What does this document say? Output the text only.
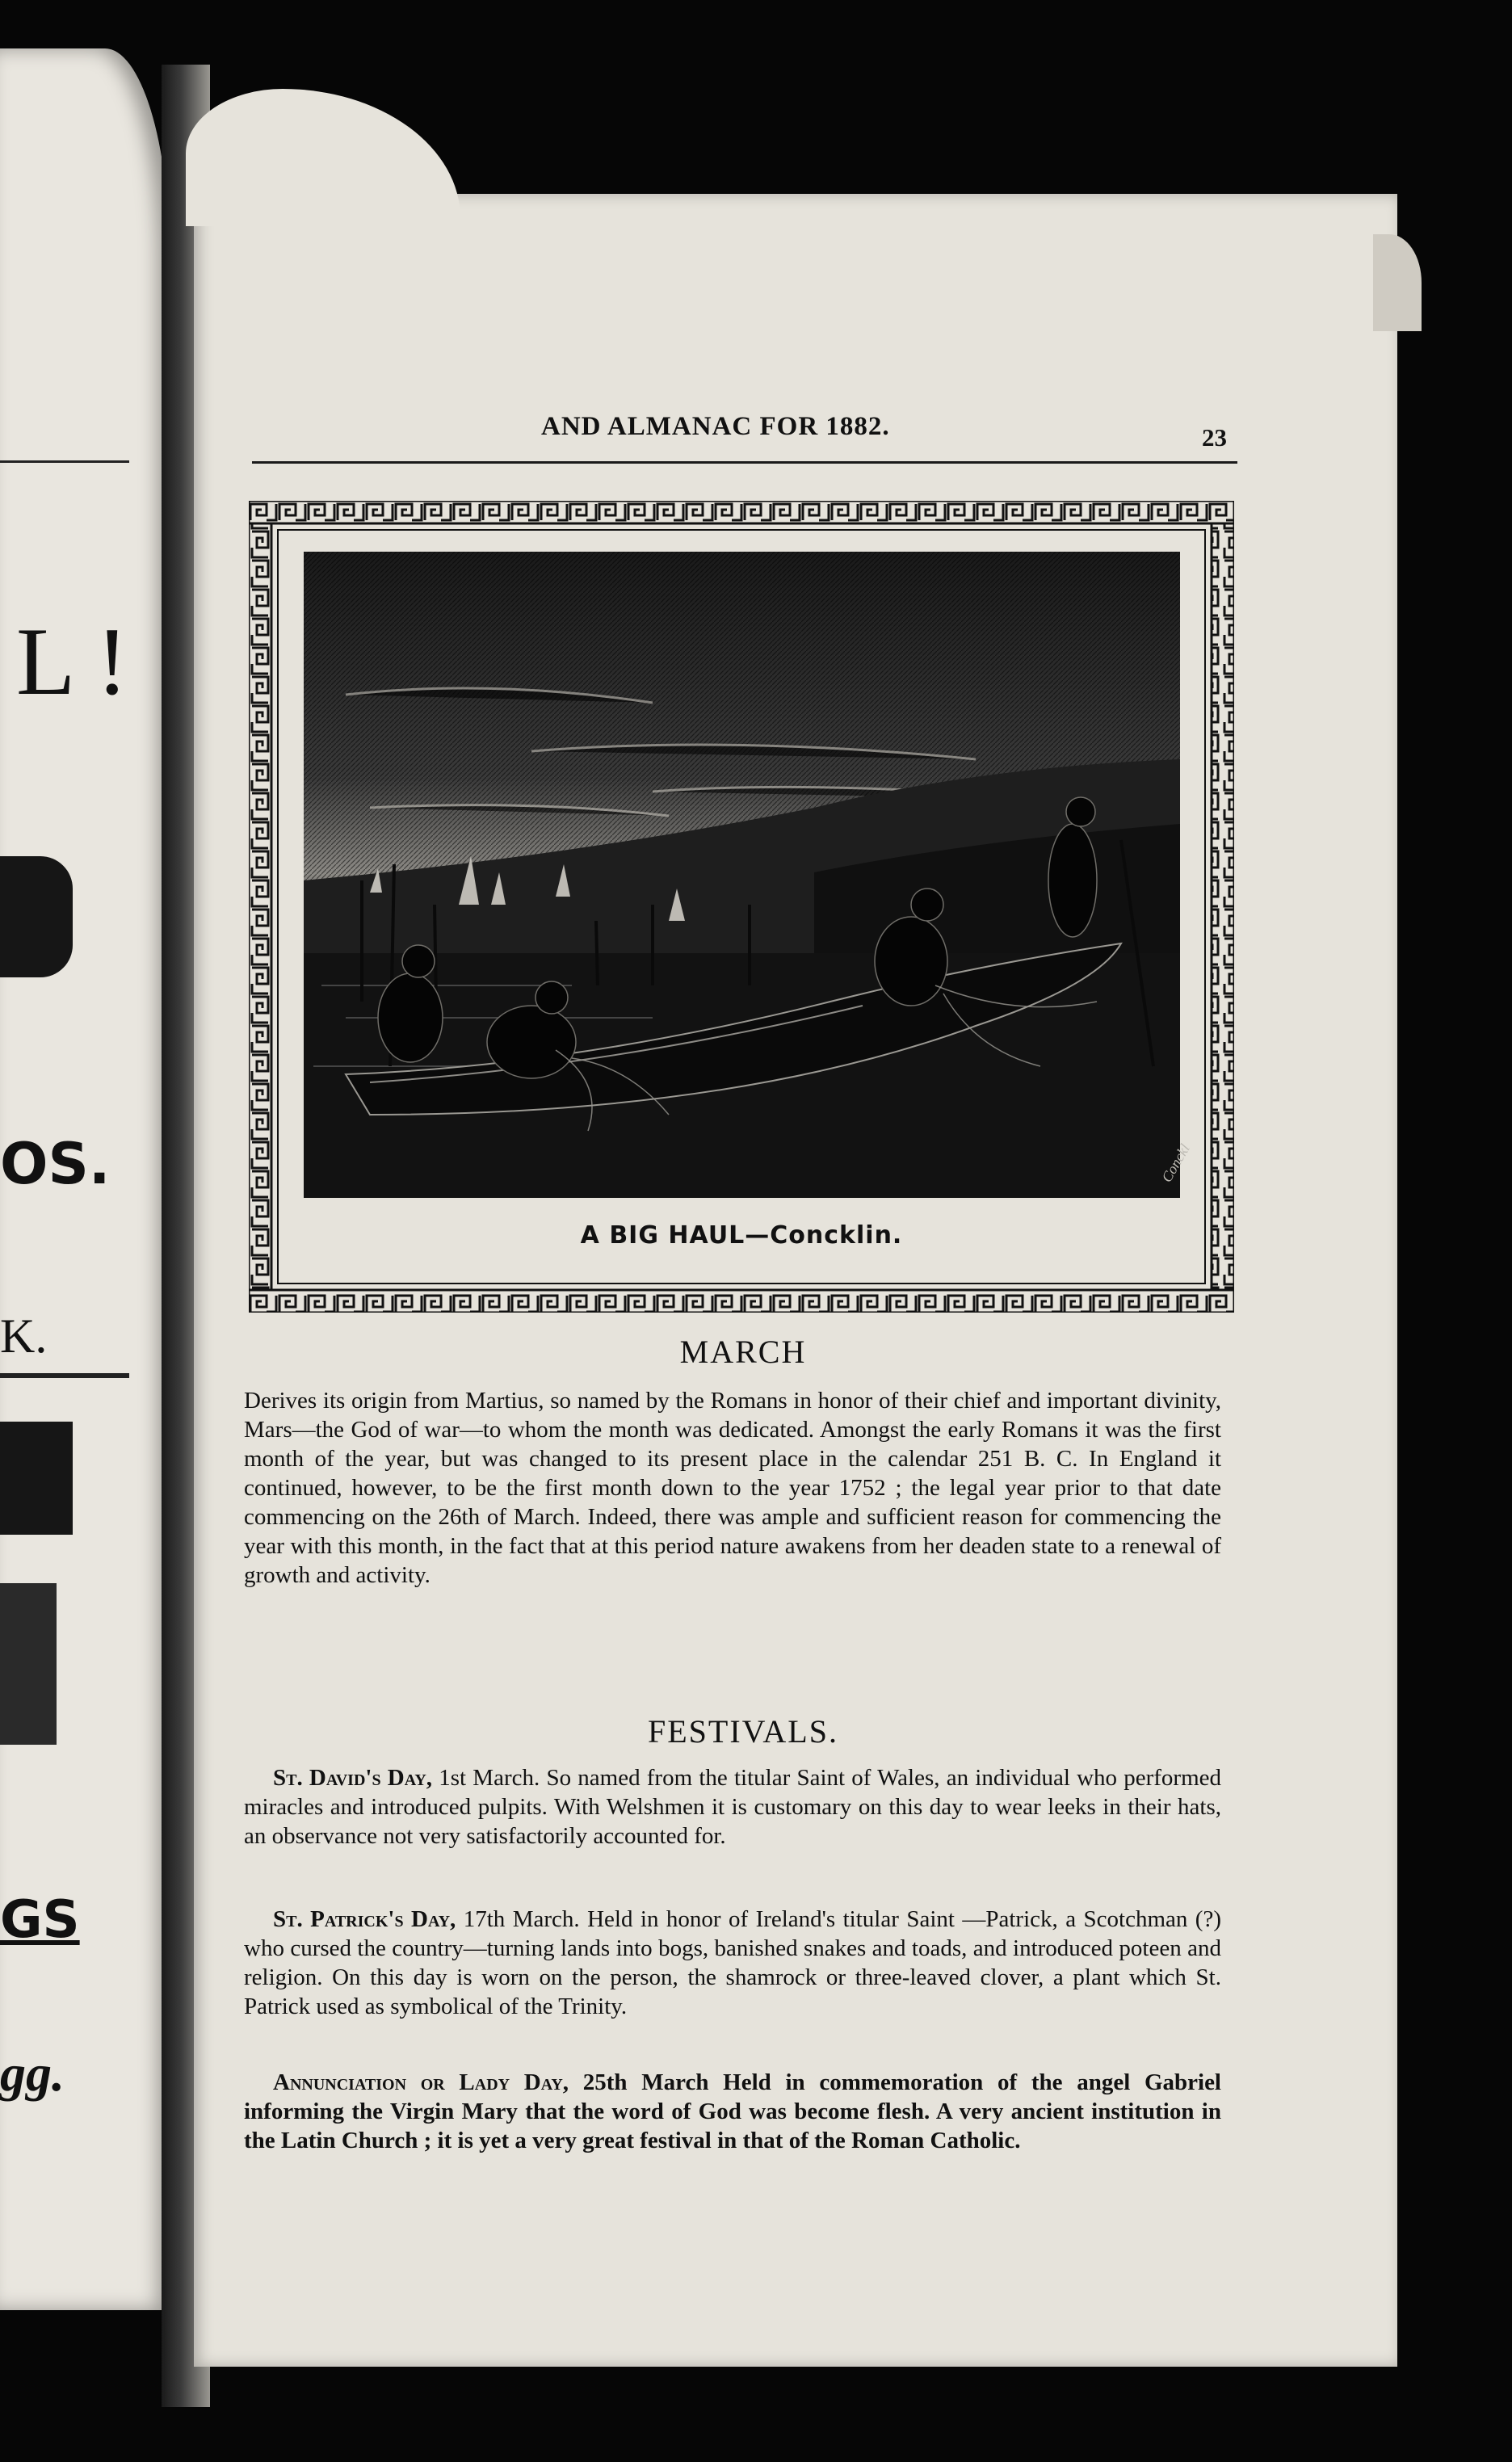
L !
OS.
K.
GS
gg.
AND ALMANAC FOR 1882.	23
Conckl
A BIG HAUL—Concklin.
MARCH

Derives its origin from Martius, so named by the Romans in honor of their chief and important divinity, Mars—the God of war—to whom the month was dedicated. Amongst the early Romans it was the first month of the year, but was changed to its present place in the calendar 251 B. C. In England it continued, however, to be the first month down to the year 1752 ; the legal year prior to that date commencing on the 26th of March. Indeed, there was ample and sufficient reason for commencing the year with this month, in the fact that at this period nature awakens from her deaden state to a renewal of growth and activity.

FESTIVALS.

St. David's Day, 1st March. So named from the titular Saint of Wales, an individual who performed miracles and introduced pulpits. With Welshmen it is customary on this day to wear leeks in their hats, an observance not very satisfactorily accounted for.

St. Patrick's Day, 17th March. Held in honor of Ireland's titular Saint —Patrick, a Scotchman (?) who cursed the country—turning lands into bogs, banished snakes and toads, and introduced poteen and religion. On this day is worn on the person, the shamrock or three-leaved clover, a plant which St. Patrick used as symbolical of the Trinity.

Annunciation or Lady Day, 25th March Held in commemoration of the angel Gabriel informing the Virgin Mary that the word of God was become flesh. A very ancient institution in the Latin Church ; it is yet a very great festival in that of the Roman Catholic.
